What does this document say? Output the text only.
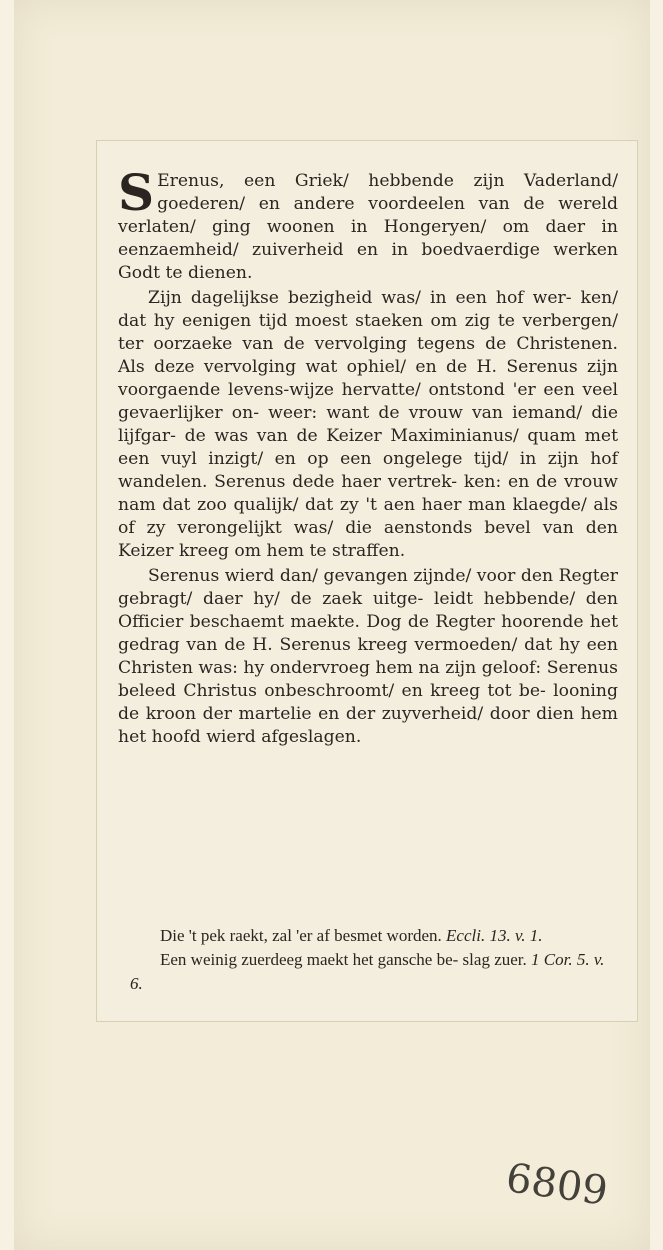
S Erenus, een Griek/ hebbende zijn Vaderland/ goederen/ en andere voordeelen van de wereld verlaten/ ging woonen in Hongeryen/ om daer in eenzaemheid/ zuiverheid en in boedvaerdige werken Godt te dienen.

Zijn dagelijkse bezigheid was/ in een hof wer- ken/ dat hy eenigen tijd moest staeken om zig te verbergen/ ter oorzaeke van de vervolging tegens de Christenen. Als deze vervolging wat ophiel/ en de H. Serenus zijn voorgaende levens-wijze hervatte/ ontstond 'er een veel gevaerlijker on- weer: want de vrouw van iemand/ die lijfgar- de was van de Keizer Maximinianus/ quam met een vuyl inzigt/ en op een ongelege tijd/ in zijn hof wandelen. Serenus dede haer vertrek- ken: en de vrouw nam dat zoo qualijk/ dat zy 't aen haer man klaegde/ als of zy verongelijkt was/ die aenstonds bevel van den Keizer kreeg om hem te straffen.

Serenus wierd dan/ gevangen zijnde/ voor den Regter gebragt/ daer hy/ de zaek uitge- leidt hebbende/ den Officier beschaemt maekte. Dog de Regter hoorende het gedrag van de H. Serenus kreeg vermoeden/ dat hy een Christen was: hy ondervroeg hem na zijn geloof: Serenus beleed Christus onbeschroomt/ en kreeg tot be- looning de kroon der martelie en der zuyverheid/ door dien hem het hoofd wierd afgeslagen.

Die 't pek raekt, zal 'er af besmet worden. Eccli. 13. v. 1.

Een weinig zuerdeeg maekt het gansche be- slag zuer. 1 Cor. 5. v. 6.

6809
